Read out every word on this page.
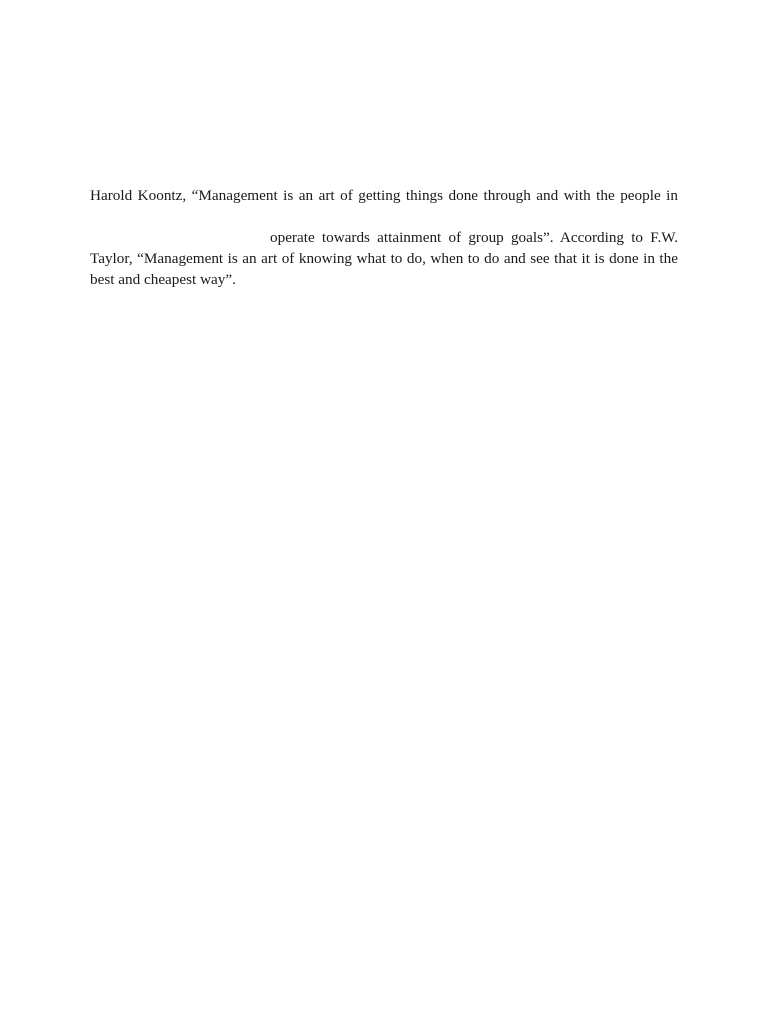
Harold Koontz, “Management is an art of getting things done through and with the people in
operate towards attainment of group goals”. According to F.W.
Taylor, “Management is an art of knowing what to do, when to do and see that it is done in the
best and cheapest way”.
